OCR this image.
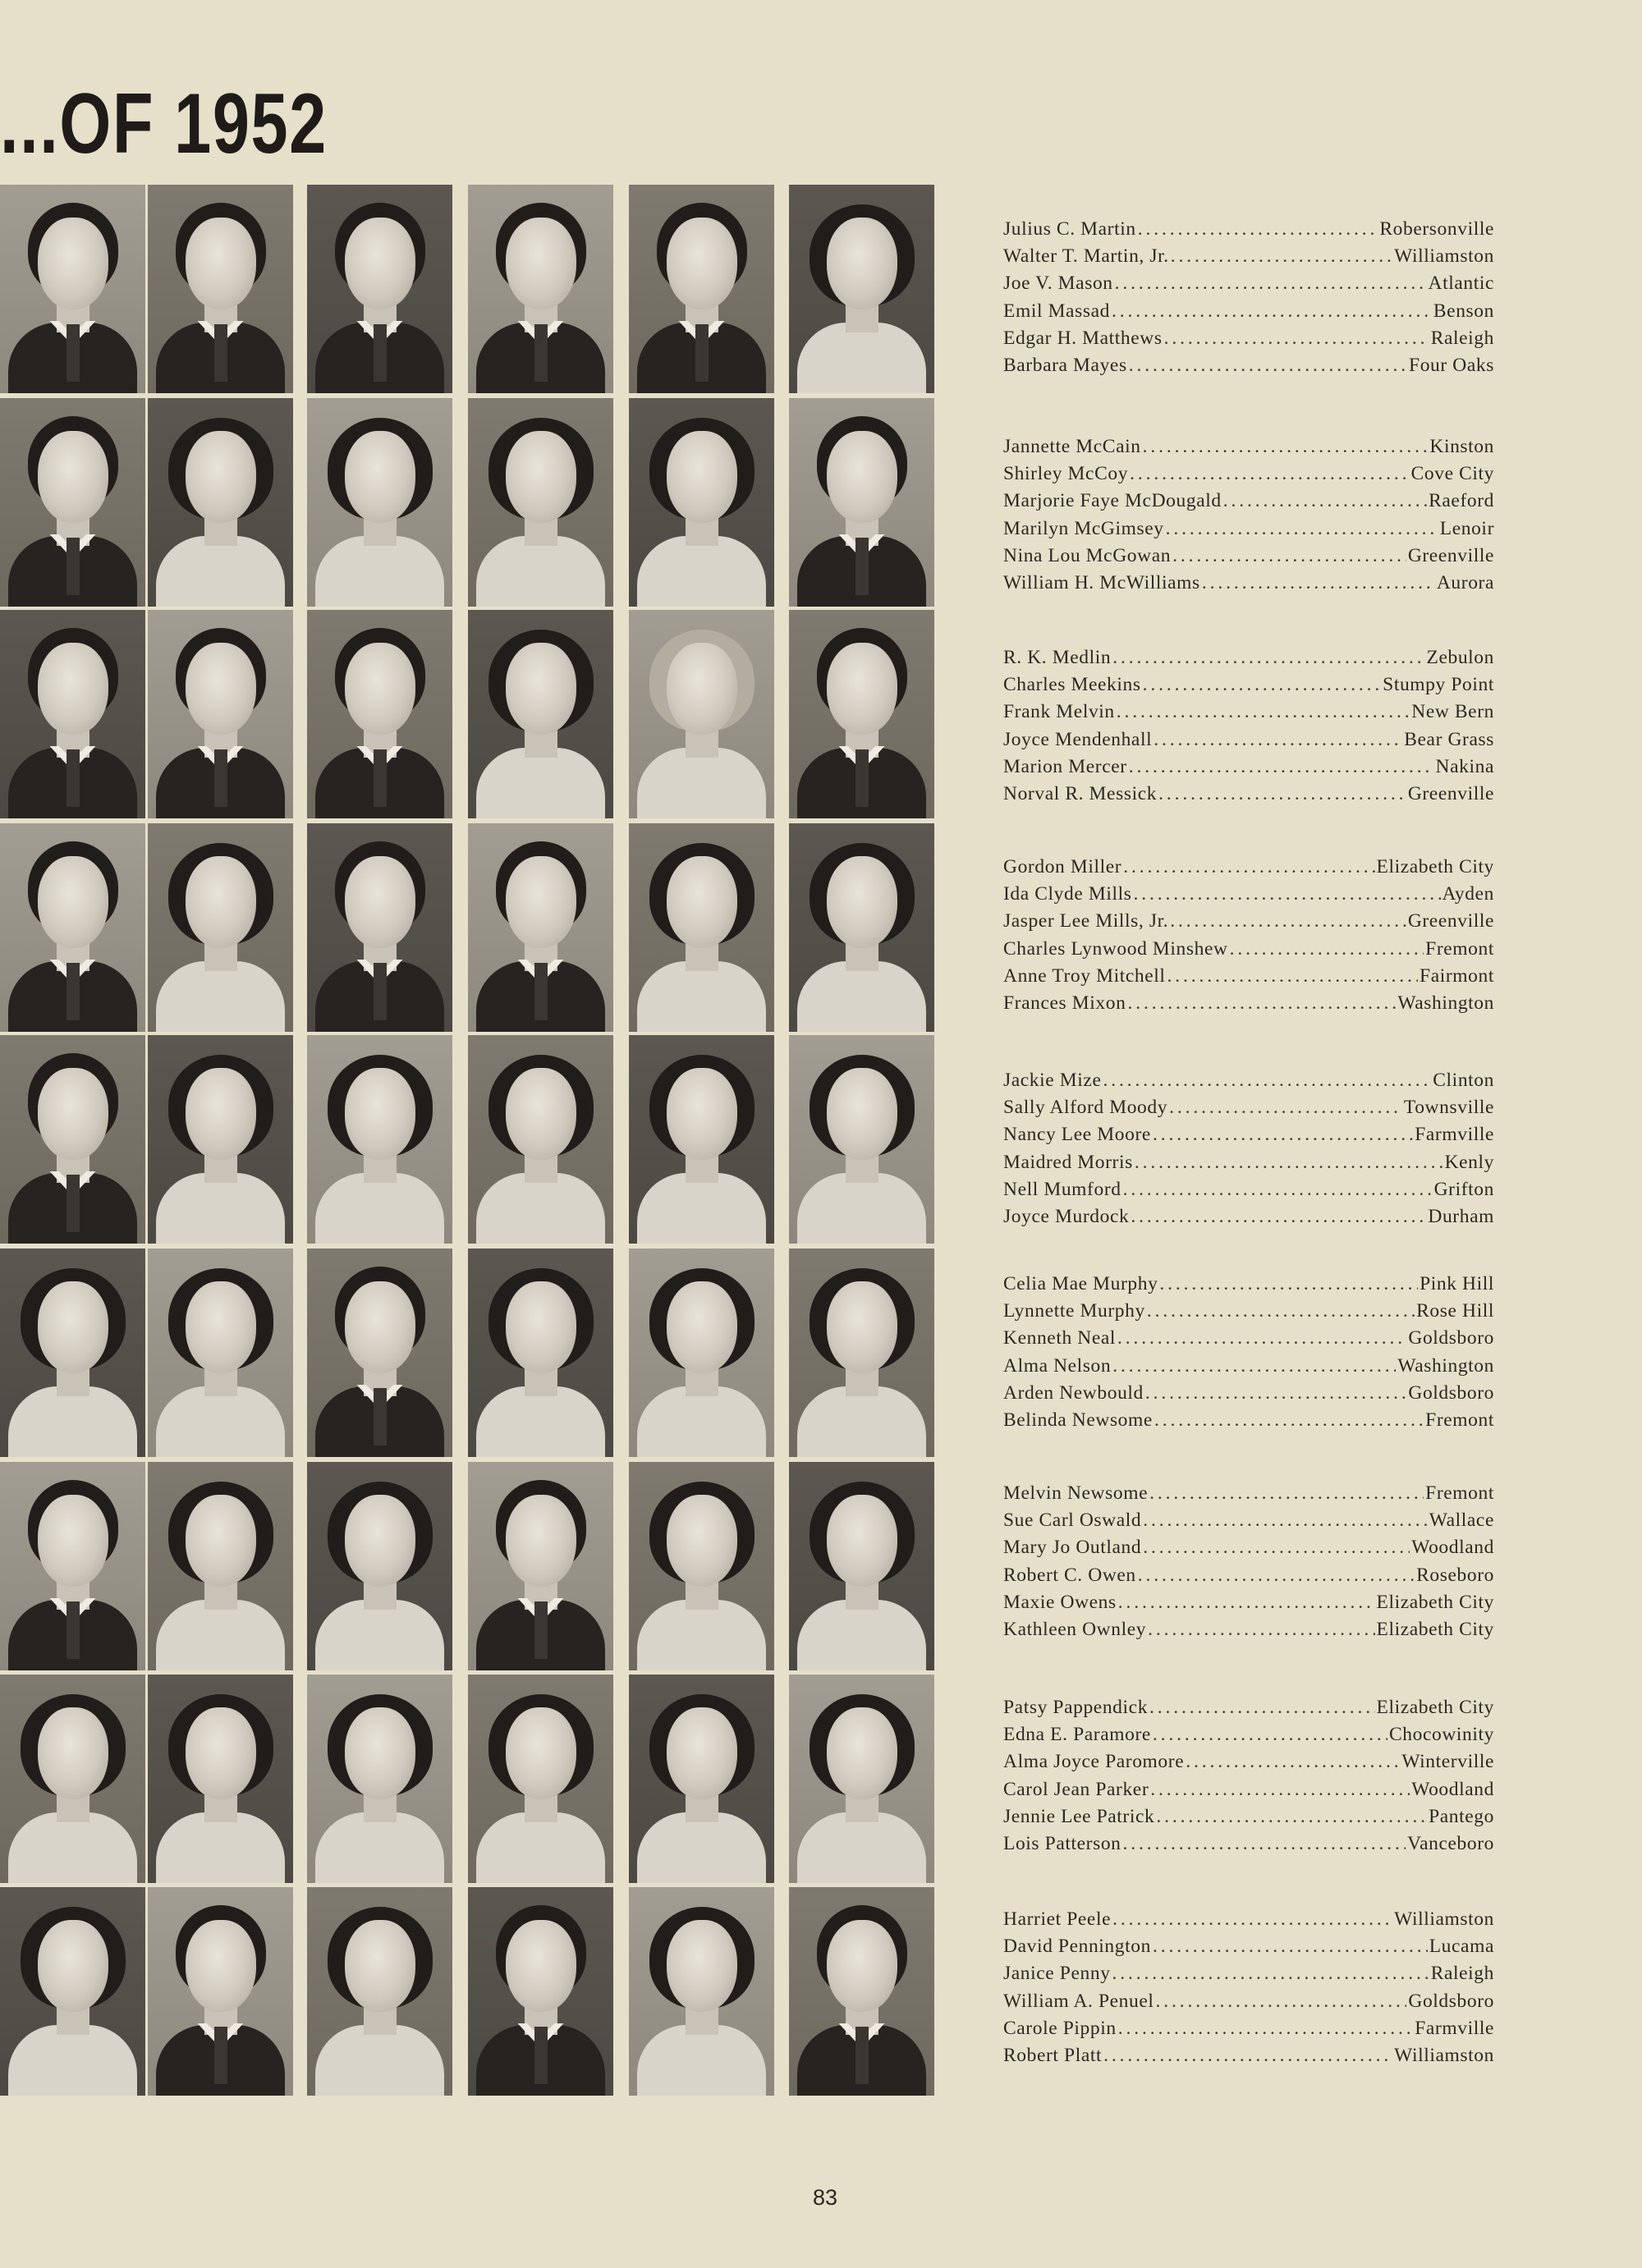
...OF 1952
Julius C. Martin . . .	Robersonville
Walter T. Martin, Jr. . . .	Williamston
Joe V. Mason . . .	Atlantic
Emil Massad . . .	Benson
Edgar H. Matthews . . .	Raleigh
Barbara Mayes . . .	Four Oaks
Jannette McCain . . .	Kinston
Shirley McCoy . . .	Cove City
Marjorie Faye McDougald . . .	Raeford
Marilyn McGimsey . . .	Lenoir
Nina Lou McGowan . . .	Greenville
William H. McWilliams . . .	Aurora
R. K. Medlin . . .	Zebulon
Charles Meekins . . .	Stumpy Point
Frank Melvin . . .	New Bern
Joyce Mendenhall . . .	Bear Grass
Marion Mercer . . .	Nakina
Norval R. Messick . . .	Greenville
Gordon Miller . . .	Elizabeth City
Ida Clyde Mills . . .	Ayden
Jasper Lee Mills, Jr. . . .	Greenville
Charles Lynwood Minshew . . .	Fremont
Anne Troy Mitchell . . .	Fairmont
Frances Mixon . . .	Washington
Jackie Mize . . .	Clinton
Sally Alford Moody . . .	Townsville
Nancy Lee Moore . . .	Farmville
Maidred Morris . . .	Kenly
Nell Mumford . . .	Grifton
Joyce Murdock . . .	Durham
Celia Mae Murphy . . .	Pink Hill
Lynnette Murphy . . .	Rose Hill
Kenneth Neal . . .	Goldsboro
Alma Nelson . . .	Washington
Arden Newbould . . .	Goldsboro
Belinda Newsome . . .	Fremont
Melvin Newsome . . .	Fremont
Sue Carl Oswald . . .	Wallace
Mary Jo Outland . . .	Woodland
Robert C. Owen . . .	Roseboro
Maxie Owens . . .	Elizabeth City
Kathleen Ownley . . .	Elizabeth City
Patsy Pappendick . . .	Elizabeth City
Edna E. Paramore . . .	Chocowinity
Alma Joyce Paromore . . .	Winterville
Carol Jean Parker . . .	Woodland
Jennie Lee Patrick . . .	Pantego
Lois Patterson . . .	Vanceboro
Harriet Peele . . .	Williamston
David Pennington . . .	Lucama
Janice Penny . . .	Raleigh
William A. Penuel . . .	Goldsboro
Carole Pippin . . .	Farmville
Robert Platt . . .	Williamston
83
